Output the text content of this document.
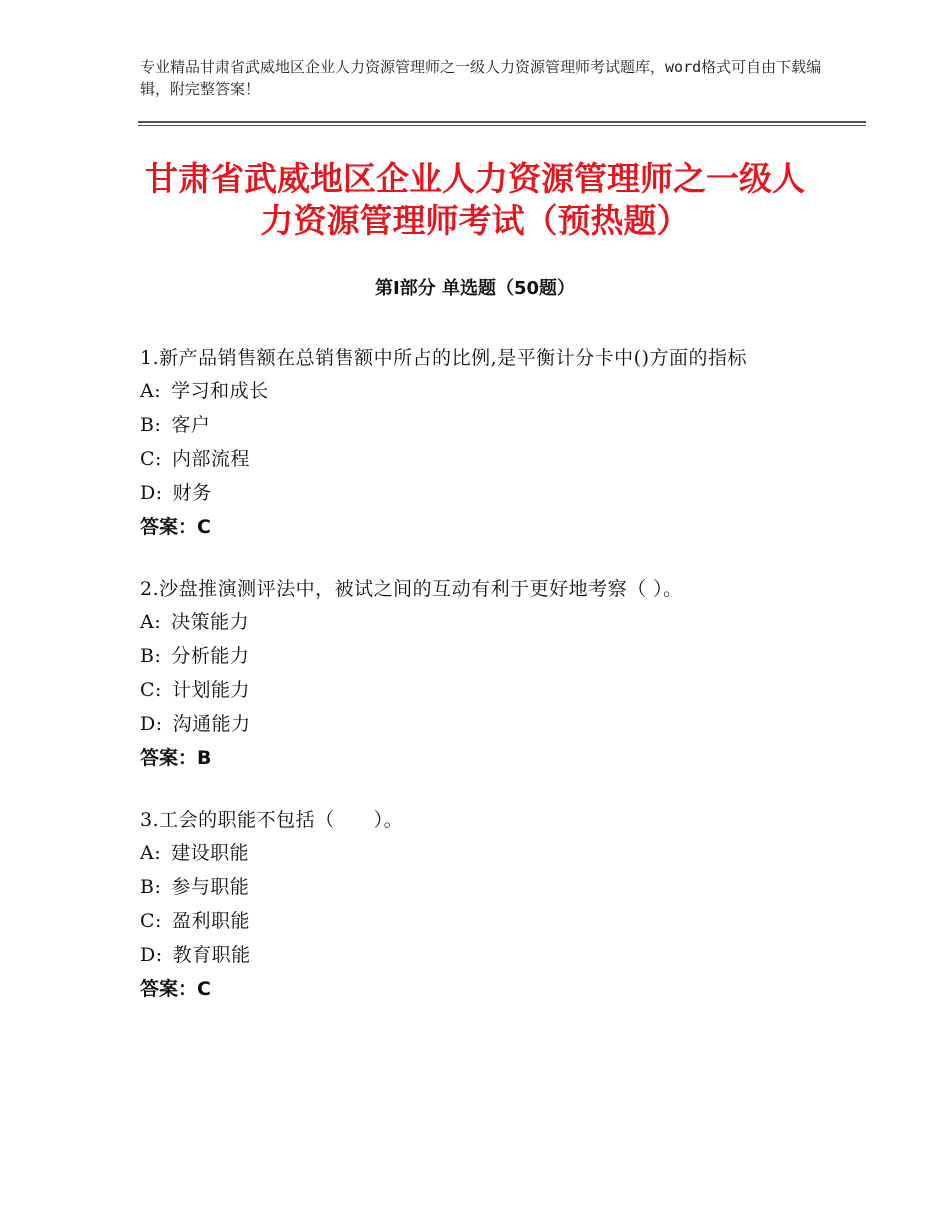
专业精品甘肃省武威地区企业人力资源管理师之一级人力资源管理师考试题库，word格式可自由下载编辑，附完整答案！
甘肃省武威地区企业人力资源管理师之一级人力资源管理师考试（预热题）
第Ⅰ部分 单选题（50题）
1.新产品销售额在总销售额中所占的比例,是平衡计分卡中()方面的指标
A: 学习和成长
B: 客户
C: 内部流程
D: 财务
答案：C
2.沙盘推演测评法中，被试之间的互动有利于更好地考察（ ）。
A: 决策能力
B: 分析能力
C: 计划能力
D: 沟通能力
答案：B
3.工会的职能不包括（　　）。
A: 建设职能
B: 参与职能
C: 盈利职能
D: 教育职能
答案：C
